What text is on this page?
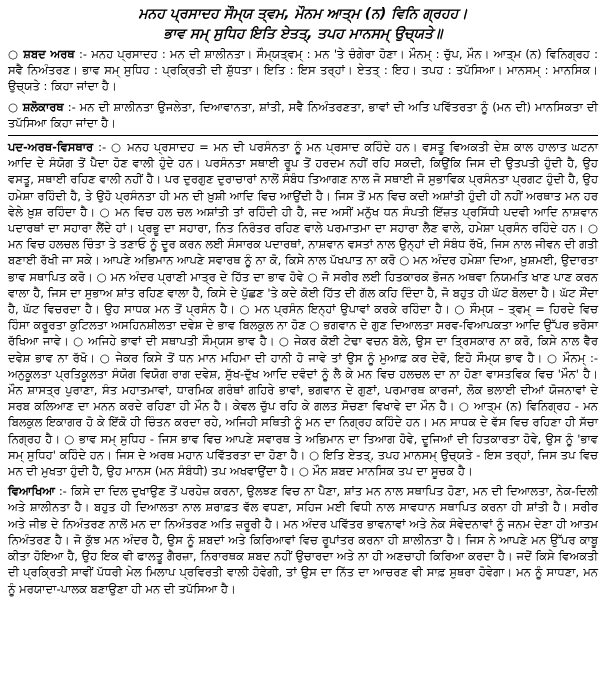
ਮਨਹ ਪ੍ਰਸਾਦਹ ਸੌਮ੍ਯ ਤ੍ਵਮ, ਮੌਨਮ ਆਤ੍ਮ (ਨ) ਵਿਨਿ ਗ੍ਰਹਹ।
ਭਾਵ ਸਮ੍ ਸੁਧਿਹ ਇਤਿ ਏਤਤ੍, ਤਪਹ ਮਾਨਸਮ੍ ਉਚ੍ਯਤੇ॥

○ ਸ਼ਬਦ ਅਰਥ :- ਮਨਹ ਪ੍ਰਸਾਦਹ : ਮਨ ਦੀ ਸ਼ਾਲੀਨਤਾ। ਸੌਮ੍ਯਤ੍ਵਮ੍ : ਮਨ 'ਤੇ ਚੰਗੇਰਾ ਹੋਣਾ। ਮੌਨਮ੍ : ਚੁੱਪ, ਮੌਨ। ਆਤ੍ਮ (ਨ) ਵਿਨਿਗ੍ਰਹ : ਸਵੈ ਨਿਅੰਤਰਣ। ਭਾਵ ਸਮ੍ ਸੁਧਿਹ : ਪ੍ਰਕ੍ਰਿਤੀ ਦੀ ਸ਼ੁੱਧਤਾ। ਇਤਿ : ਇਸ ਤਰ੍ਹਾਂ। ਏਤਤ੍ : ਇਹ। ਤਪਹ : ਤਪੱਸਿਆ। ਮਾਨਸਮ੍ : ਮਾਨਸਿਕ। ਉਚ੍ਯਤੇ : ਕਿਹਾ ਜਾਂਦਾ ਹੈ।

○ ਸ਼ਲੋਕਾਰਥ :- ਮਨ ਦੀ ਸ਼ਾਲੀਨਤਾ ਉਜਲੇਤਾ, ਦਿਆਵਾਨਤਾ, ਸ਼ਾਂਤੀ, ਸਵੈ ਨਿਅੰਤਰਣਤਾ, ਭਾਵਾਂ ਦੀ ਅਤਿ ਪਵਿੱਤਰਤਾ ਨੂੰ (ਮਨ ਦੀ) ਮਾਨਸਿਕਤਾ ਦੀ ਤਪੱਸਿਆ ਕਿਹਾ ਜਾਂਦਾ ਹੈ।

ਪਦ-ਅਰਥ-ਵਿਸਥਾਰ :- ○ ਮਨਹ ਪ੍ਰਸਾਦਹ = ਮਨ ਦੀ ਪਰਸੰਨਤਾ ਨੂੰ ਮਨ ਪ੍ਰਸਾਦ ਕਹਿੰਦੇ ਹਨ। ਵਸਤੂ ਵਿਅਕਤੀ ਦੇਸ਼ ਕਾਲ ਹਾਲਾਤ ਘਟਨਾ ਆਦਿ ਦੇ ਸੰਯੋਗ ਤੋਂ ਪੈਦਾ ਹੋਣ ਵਾਲੀ ਹੁੰਦੇ ਹਨ। ਪਰਸੰਨਤਾ ਸਥਾਈ ਰੂਪ ਤੋਂ ਹਰਦਮ ਨਹੀਂ ਰਹਿ ਸਕਦੀ, ਕਿਉਂਕਿ ਜਿਸ ਦੀ ਉਤਪਤੀ ਹੁੰਦੀ ਹੈ, ਉਹ ਵਸਤੂ, ਸਥਾਈ ਰਹਿਣ ਵਾਲੀ ਨਹੀਂ ਹੈ। ਪਰ ਦੁਰਗੁਣ ਦੁਰਾਚਾਰਾਂ ਨਾਲੋਂ ਸੰਬੰਧ ਤਿਆਗਣ ਨਾਲ ਜੋ ਸਥਾਈ ਜੋ ਸੁਭਾਵਿਕ ਪ੍ਰਸੰਨਤਾ ਪ੍ਰਗਟ ਹੁੰਦੀ ਹੈ, ਉਹ ਹਮੇਸ਼ਾ ਰਹਿੰਦੀ ਹੈ, ਤੇ ਉਹੋ ਪ੍ਰਸੰਨਤਾ ਹੀ ਮਨ ਦੀ ਖ਼ੁਸ਼ੀ ਆਦਿ ਵਿਚ ਆਉਂਦੀ ਹੈ। ਜਿਸ ਤੋਂ ਮਨ ਵਿਚ ਕਦੀ ਅਸ਼ਾਂਤੀ ਹੁੰਦੀ ਹੀ ਨਹੀਂ ਅਰਥਾਤ ਮਨ ਹਰ ਵੇਲੇ ਖ਼ੁਸ਼ ਰਹਿੰਦਾ ਹੈ। ○ ਮਨ ਵਿਚ ਹਲ ਚਲ ਅਸ਼ਾਂਤੀ ਤਾਂ ਰਹਿੰਦੀ ਹੀ ਹੈ, ਜਦ ਅਸੀਂ ਮਨੁੱਖ ਧਨ ਸੰਪਤੀ ਇੱਜ਼ਤ ਪ੍ਰਸਿੱਧੀ ਪਦਵੀ ਆਦਿ ਨਾਸ਼ਵਾਨ ਪਦਾਰਥਾਂ ਦਾ ਸਹਾਰਾ ਲੈਂਦੇ ਹਾਂ। ਪ੍ਰਭੂ ਦਾ ਸਹਾਰਾ, ਨਿਤ ਨਿਰੰਤਰ ਰਹਿਣ ਵਾਲੇ ਪਰਮਾਤਮਾ ਦਾ ਸਹਾਰਾ ਲੈਣ ਵਾਲੇ, ਹਮੇਸ਼ਾ ਪ੍ਰਸੰਨ ਰਹਿੰਦੇ ਹਨ। ○ ਮਨ ਵਿਚ ਹਲਚਲ ਚਿੰਤਾ ਤੇ ਤਣਾਓ ਨੂੰ ਦੂਰ ਕਰਨ ਲਈ ਸੰਸਾਰਕ ਪਦਾਰਥਾਂ, ਨਾਸ਼ਵਾਨ ਵਸਤਾਂ ਨਾਲ ਉਨ੍ਹਾਂ ਦੀ ਸੰਬੰਧ ਰੱਖੋ, ਜਿਸ ਨਾਲ ਜੀਵਨ ਦੀ ਗਤੀ ਬਣਾਈ ਰੱਖੀ ਜਾ ਸਕੇ। ਆਪਣੇ ਅਭਿਮਾਨ ਆਪਣੇ ਸਵਾਰਥ ਨੂੰ ਨਾ ਕੋ, ਕਿਸੇ ਨਾਲ ਪੱਖਪਾਤ ਨਾ ਕਰੋ ○ ਮਨ ਅੰਦਰ ਹਮੇਸ਼ਾ ਦਿਆ, ਖ਼ੁਸ਼ਮਈ, ਉਦਾਰਤਾ ਭਾਵ ਸਥਾਪਿਤ ਕਰੋ। ○ ਮਨ ਅੰਦਰ ਪ੍ਰਾਣੀ ਮਾਤ੍ਰ ਦੇ ਹਿੱਤ ਦਾ ਭਾਵ ਹੋਵੇ ○ ਜੋ ਸਰੀਰ ਲਈ ਹਿਤਕਾਰਕ ਭੋਜਨ ਅਥਵਾ ਨਿਯਮਤਿ ਖਾਣ ਪਾਣ ਕਰਨ ਵਾਲਾ ਹੈ, ਜਿਸ ਦਾ ਸੁਭਾਅ ਸ਼ਾਂਤ ਰਹਿਣ ਵਾਲਾ ਹੈ, ਕਿਸੇ ਦੇ ਪੁੱਛਣ 'ਤੇ ਕਦੇ ਕੋਈ ਹਿੱਤ ਦੀ ਗੱਲ ਕਹਿ ਦਿੰਦਾ ਹੈ, ਜੋ ਬਹੁਤ ਹੀ ਘੱਟ ਬੋਲਦਾ ਹੈ। ਘੱਟ ਸੌਂਦਾ ਹੈ, ਘੱਟ ਵਿਚਰਦਾ ਹੈ। ਉਹ ਸਾਧਕ ਮਨ ਤੋਂ ਪ੍ਰਸੰਨ ਹੈ। ○ ਮਨ ਪ੍ਰਸੰਨ ਇਨ੍ਹਾਂ ਉਪਾਵਾਂ ਕਰਕੇ ਰਹਿੰਦਾ ਹੈ। ○ ਸੌਮ੍ਯ – ਤ੍ਵਮ੍ = ਹਿਰਦੇ ਵਿਚ ਹਿੰਸਾ ਕਰੂਰਤਾ ਕੁਟਿਲਤਾ ਅਸਹਿਨਸ਼ੀਲਤਾ ਦਵੇਸ਼ ਦੇ ਭਾਵ ਬਿਲਕੁਲ ਨਾ ਹੋਣ ○ ਭਗਵਾਨ ਦੇ ਗੁਣ ਦਿਆਲਤਾ ਸਰਵ-ਵਿਆਪਕਤਾ ਆਦਿ ਉੱਪਰ ਭਰੋਸਾ ਰੱਖਿਆ ਜਾਵੇ। ○ ਅਜਿਹੇ ਭਾਵਾਂ ਦੀ ਸਥਾਪਤੀ ਸੌਮ੍ਯਸ ਭਾਵ ਹੈ। ○ ਜੇਕਰ ਕੋਈ ਟੇਢਾ ਵਚਨ ਬੋਲੇ, ਉਸ ਦਾ ਤ੍ਰਿਸਕਾਰ ਨਾ ਕਰੋ, ਕਿਸੇ ਨਾਲ ਵੈਰ ਦਵੇਸ਼ ਭਾਵ ਨਾ ਰੱਖੋ। ○ ਜੇਕਰ ਕਿਸੇ ਤੋਂ ਧਨ ਮਾਨ ਮਹਿਮਾ ਦੀ ਹਾਨੀ ਹੋ ਜਾਵੇ ਤਾਂ ਉਸ ਨੂੰ ਮੁਆਫ਼ ਕਰ ਦੇਵੋ, ਇਹੋ ਸੌਮ੍ਯ ਭਾਵ ਹੈ। ○ ਮੌਨਮ੍ :- ਅਨੁਕੂਲਤਾ ਪ੍ਰਤਿਕੂਲਤਾ ਸੰਯੋਗ ਵਿਯੋਗ ਰਾਗ ਦਵੇਸ਼, ਸੁੱਖ-ਦੁੱਖ ਆਦਿ ਦਵੰਦਾਂ ਨੂੰ ਲੈ ਕੇ ਮਨ ਵਿਚ ਹਲਚਲ ਦਾ ਨਾ ਹੋਣਾ ਵਾਸਤਵਿਕ ਵਿਚ 'ਮੌਨ' ਹੈ। ਮੌਨ ਸ਼ਾਸਤ੍ਰ ਪੁਰਾਣਾ, ਸੰਤ ਮਹਾਤਮਾਵਾਂ, ਧਾਰਮਿਕ ਗਰੰਥਾਂ ਗਹਿਰੇ ਭਾਵਾਂ, ਭਗਵਾਨ ਦੇ ਗੁਣਾਂ, ਪਰਮਾਰਥ ਕਾਰਜਾਂ, ਲੋਕ ਭਲਾਈ ਦੀਆਂ ਯੋਜਨਾਵਾਂ ਦੇ ਸਰਬ ਕਲਿਆਣ ਦਾ ਮਨਨ ਕਰਦੇ ਰਹਿਣਾ ਹੀ ਮੌਨ ਹੈ। ਕੇਵਲ ਚੁੱਪ ਰਹਿ ਕੇ ਗਲਤ ਸੋਚਣਾ ਵਿਖਾਵੇ ਦਾ ਮੌਨ ਹੈ। ○ ਆਤ੍ਮ (ਨ) ਵਿਨਿਗ੍ਰਹ - ਮਨ ਬਿਲਕੁਲ ਇਕਾਗਰ ਹੋ ਕੇ ਇੱਕੋ ਹੀ ਚਿੰਤਨ ਕਰਦਾ ਰਹੇ, ਅਜਿਹੀ ਸਥਿਤੀ ਨੂੰ ਮਨ ਦਾ ਨਿਗ੍ਰਹ ਕਹਿੰਦੇ ਹਨ। ਮਨ ਸਾਧਕ ਦੇ ਵੱਸ ਵਿਚ ਰਹਿਣਾ ਹੀ ਸੱਚਾ ਨਿਗ੍ਰਹ ਹੈ। ○ ਭਾਵ ਸਮ੍ ਸੁਧਿਹ - ਜਿਸ ਭਾਵ ਵਿਚ ਆਪਣੇ ਸਵਾਰਥ ਤੇ ਅਭਿਮਾਨ ਦਾ ਤਿਆਗ ਹੋਵੇ, ਦੂਜਿਆਂ ਦੀ ਹਿਤਕਾਰਤਾ ਹੋਵੇ, ਉਸ ਨੂੰ 'ਭਾਵ ਸਮ੍ ਸੁਧਿਹ' ਕਹਿੰਦੇ ਹਨ। ਜਿਸ ਦੇ ਅਰਥ ਮਹਾਨ ਪਵਿੱਤਰਤਾ ਦਾ ਹੋਣਾ ਹੈ। ○ ਇਤਿ ਏਤਤ੍, ਤਪਹ ਮਾਨਸਮ੍ ਉਚ੍ਯਤੇ - ਇਸ ਤਰ੍ਹਾਂ, ਜਿਸ ਤਪ ਵਿਚ ਮਨ ਦੀ ਮੁਖਤਾ ਹੁੰਦੀ ਹੈ, ਉਹ ਮਾਨਸ (ਮਨ ਸੰਬੰਧੀ) ਤਪ ਅਖਵਾਉਂਦਾ ਹੈ। ○ ਮੌਨ ਸ਼ਬਦ ਮਾਨਸਿਕ ਤਪ ਦਾ ਸੂਚਕ ਹੈ।

ਵਿਆਖਿਆ :- ਕਿਸੇ ਦਾ ਦਿਲ ਦੁਖਾਉਣ ਤੋਂ ਪਰਹੇਜ਼ ਕਰਨਾ, ਉਲਝਣ ਵਿਚ ਨਾ ਪੈਣਾ, ਸ਼ਾਂਤ ਮਨ ਨਾਲ ਸਥਾਪਿਤ ਹੋਣਾ, ਮਨ ਦੀ ਦਿਆਲਤਾ, ਨੇਕ-ਦਿਲੀ ਅਤੇ ਸ਼ਾਲੀਨਤਾ ਹੈ। ਬਹੁਤ ਹੀ ਦਿਆਲਤਾ ਨਾਲ ਸ਼ਰਾਫ਼ਤ ਵੱਲ ਵਧਣਾ, ਸਹਿਜ ਮਈ ਵਿਧੀ ਨਾਲ ਸਾਵਧਾਨ ਸਥਾਪਿਤ ਕਰਨਾ ਹੀ ਸ਼ਾਂਤੀ ਹੈ। ਸਰੀਰ ਅਤੇ ਜੀਭ ਦੇ ਨਿਅੰਤਰਣ ਨਾਲੋਂ ਮਨ ਦਾ ਨਿਅੰਤਰਣ ਅਤਿ ਜ਼ਰੂਰੀ ਹੈ। ਮਨ ਅੰਦਰ ਪਵਿੱਤਰ ਭਾਵਨਾਵਾਂ ਅਤੇ ਨੇਕ ਸੰਵੇਦਨਾਵਾਂ ਨੂੰ ਜਨਮ ਦੇਣਾ ਹੀ ਆਤਮ ਨਿਅੰਤਰਣ ਹੈ। ਜੋ ਕੁੱਝ ਮਨ ਅੰਦਰ ਹੈ, ਉਸ ਨੂੰ ਸ਼ਬਦਾਂ ਅਤੇ ਕਿਰਿਆਵਾਂ ਵਿਚ ਰੂਪਾਂਤਰ ਕਰਨਾ ਹੀ ਸ਼ਾਲੀਨਤਾ ਹੈ। ਜਿਸ ਨੇ ਆਪਣੇ ਮਨ ਉੱਪਰ ਕਾਬੂ ਕੀਤਾ ਹੋਇਆ ਹੈ, ਉਹ ਇਕ ਵੀ ਫਾਲਤੂ ਗੈਰਜ਼ਾ, ਨਿਰਾਰਥਕ ਸ਼ਬਦ ਨਹੀਂ ਉਚਾਰਦਾ ਅਤੇ ਨਾ ਹੀ ਅਣਚਾਹੀ ਕਿਰਿਆ ਕਰਦਾ ਹੈ। ਜਦੋਂ ਕਿਸੇ ਵਿਅਕਤੀ ਦੀ ਪ੍ਰਕ੍ਰਿਤੀ ਸਾਵੀਂ ਪੱਧਰੀ ਮੇਲ ਮਿਲਾਪ ਪ੍ਰਵਿਰਤੀ ਵਾਲੀ ਹੋਵੇਗੀ, ਤਾਂ ਉਸ ਦਾ ਨਿੱਤ ਦਾ ਆਚਰਣ ਵੀ ਸਾਫ਼ ਸੁਥਰਾ ਹੋਵੇਗਾ। ਮਨ ਨੂੰ ਸਾਧਣਾ, ਮਨ ਨੂੰ ਮਰਯਾਦਾ-ਪਾਲਕ ਬਣਾਉਣਾ ਹੀ ਮਨ ਦੀ ਤਪੱਸਿਆ ਹੈ।
